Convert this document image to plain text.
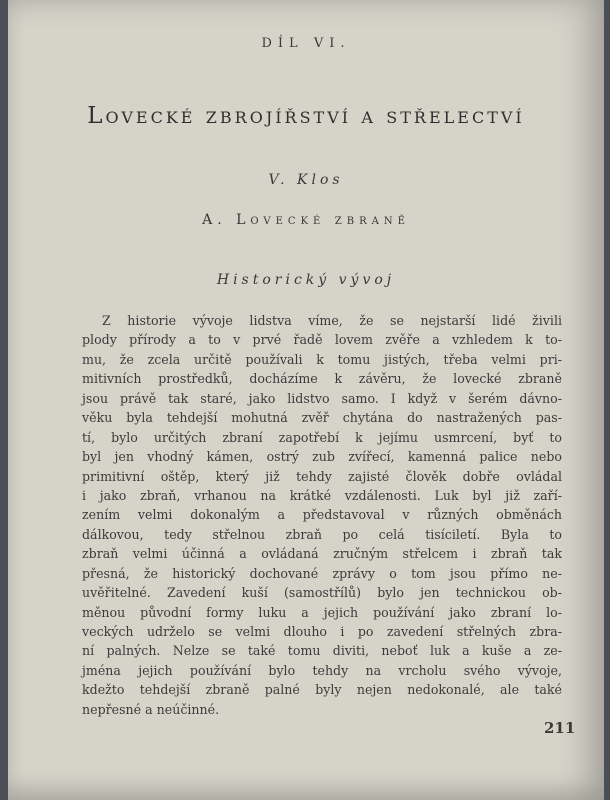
DÍL VI.
Lovecké zbrojířství a střelectví
V. Klos
A. Lovecké zbraně
Historický vývoj
Z historie vývoje lidstva víme, že se nejstarší lidé živili
plody přírody a to v prvé řadě lovem zvěře a vzhledem k to-
mu, že zcela určitě používali k tomu jistých, třeba velmi pri-
mitivních prostředků, docházíme k závěru, že lovecké zbraně
jsou právě tak staré, jako lidstvo samo. I když v šerém dávno-
věku byla tehdejší mohutná zvěř chytána do nastražených pas-
tí, bylo určitých zbraní zapotřebí k jejímu usmrcení, byť to
byl jen vhodný kámen, ostrý zub zvířecí, kamenná palice nebo
primitivní oštěp, který již tehdy zajisté člověk dobře ovládal
i jako zbraň, vrhanou na krátké vzdálenosti. Luk byl již zaří-
zením velmi dokonalým a představoval v různých obměnách
dálkovou, tedy střelnou zbraň po celá tisíciletí. Byla to
zbraň velmi účinná a ovládaná zručným střelcem i zbraň tak
přesná, že historický dochované zprávy o tom jsou přímo ne-
uvěřitelné. Zavedení kuší (samostřílů) bylo jen technickou ob-
měnou původní formy luku a jejich používání jako zbraní lo-
veckých udrželo se velmi dlouho i po zavedení střelných zbra-
ní palných. Nelze se také tomu diviti, neboť luk a kuše a ze-
jména jejich používání bylo tehdy na vrcholu svého vývoje,
kdežto tehdejší zbraně palné byly nejen nedokonalé, ale také
nepřesné a neúčinné.
211
